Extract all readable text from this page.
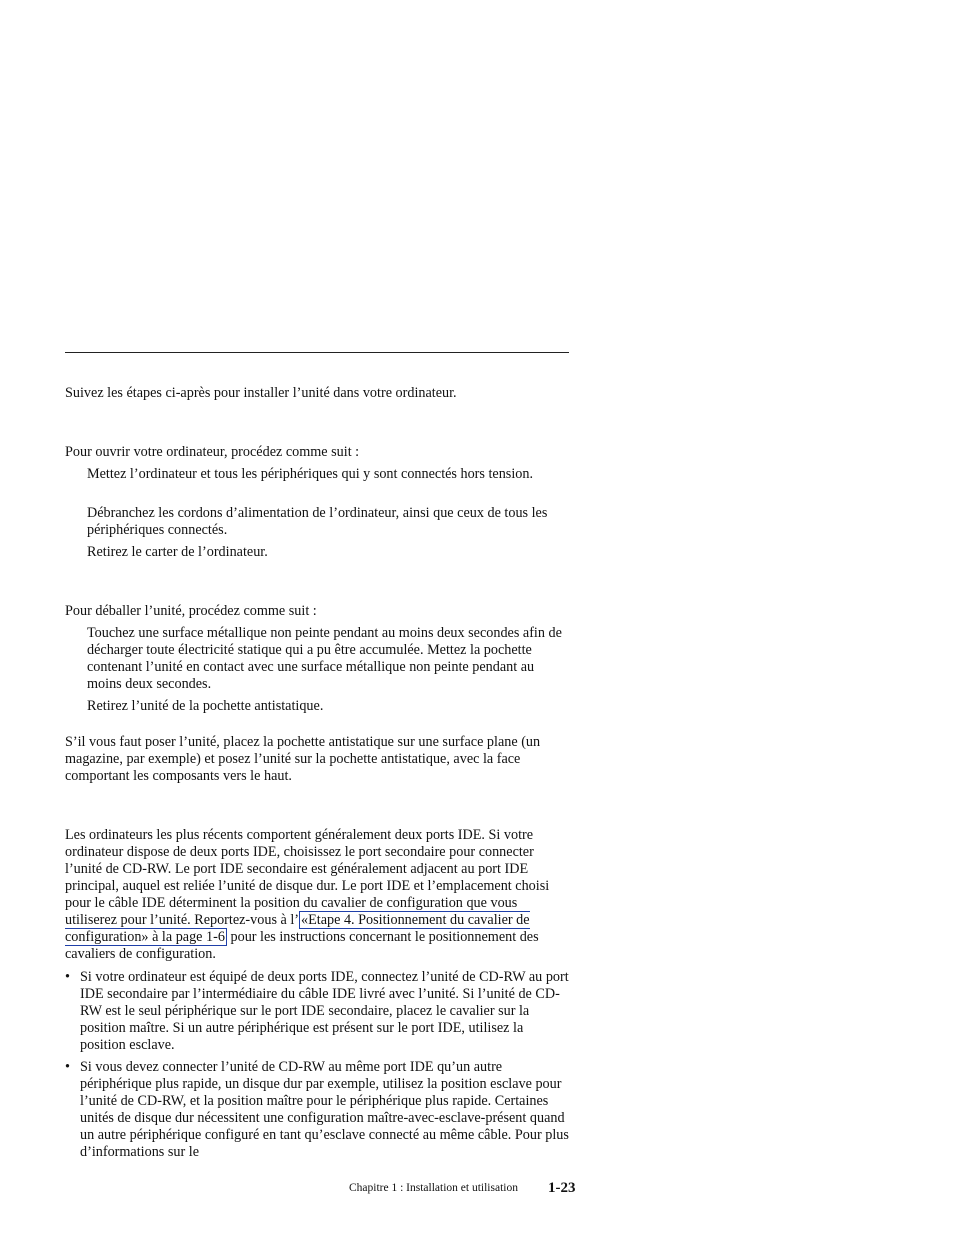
Suivez les étapes ci-après pour installer l’unité dans votre ordinateur.

Pour ouvrir votre ordinateur, procédez comme suit :

Mettez l’ordinateur et tous les périphériques qui y sont connectés hors tension.

Débranchez les cordons d’alimentation de l’ordinateur, ainsi que ceux de tous les périphériques connectés.

Retirez le carter de l’ordinateur.

Pour déballer l’unité, procédez comme suit :

Touchez une surface métallique non peinte pendant au moins deux secondes afin de décharger toute électricité statique qui a pu être accumulée. Mettez la pochette contenant l’unité en contact avec une surface métallique non peinte pendant au moins deux secondes.

Retirez l’unité de la pochette antistatique.

S’il vous faut poser l’unité, placez la pochette antistatique sur une surface plane (un magazine, par exemple) et posez l’unité sur la pochette antistatique, avec la face comportant les composants vers le haut.

Les ordinateurs les plus récents comportent généralement deux ports IDE. Si votre ordinateur dispose de deux ports IDE, choisissez le port secondaire pour connecter l’unité de CD-RW. Le port IDE secondaire est généralement adjacent au port IDE principal, auquel est reliée l’unité de disque dur. Le port IDE et l’emplacement choisi pour le câble IDE déterminent la position du cavalier de configuration que vous utiliserez pour l’unité. Reportez-vous à l’ «Etape 4. Positionnement du cavalier de configuration» à la page 1-6 pour les instructions concernant le positionnement des cavaliers de configuration.

• Si votre ordinateur est équipé de deux ports IDE, connectez l’unité de CD-RW au port IDE secondaire par l’intermédiaire du câble IDE livré avec l’unité. Si l’unité de CD-RW est le seul périphérique sur le port IDE secondaire, placez le cavalier sur la position maître. Si un autre périphérique est présent sur le port IDE, utilisez la position esclave.
• Si vous devez connecter l’unité de CD-RW au même port IDE qu’un autre périphérique plus rapide, un disque dur par exemple, utilisez la position esclave pour l’unité de CD-RW, et la position maître pour le périphérique plus rapide. Certaines unités de disque dur nécessitent une configuration maître-avec-esclave-présent quand un autre périphérique configuré en tant qu’esclave connecté au même câble. Pour plus d’informations sur le
Chapitre 1 : Installation et utilisation 1-23
